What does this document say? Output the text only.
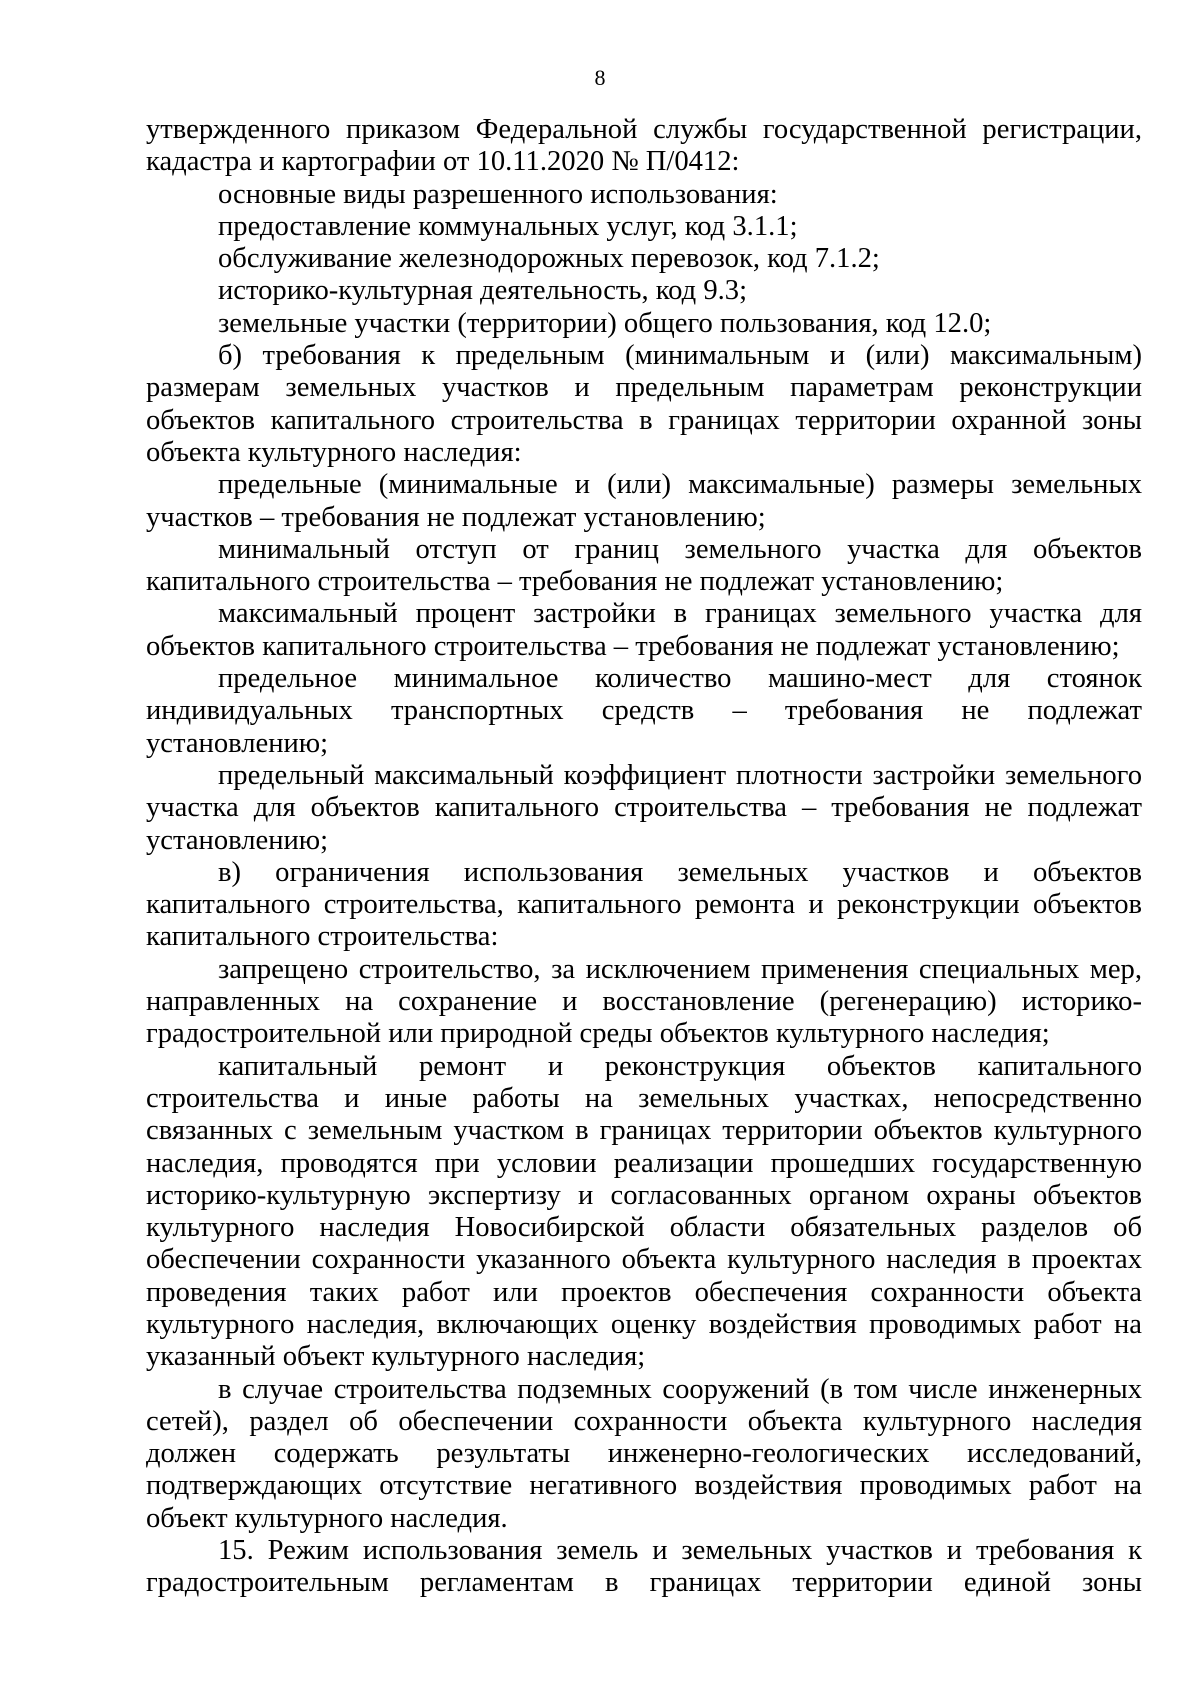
8

утвержденного приказом Федеральной службы государственной регистрации, кадастра и картографии от 10.11.2020 № П/0412:

основные виды разрешенного использования:

предоставление коммунальных услуг, код 3.1.1;

обслуживание железнодорожных перевозок, код 7.1.2;

историко-культурная деятельность, код 9.3;

земельные участки (территории) общего пользования, код 12.0;

б) требования к предельным (минимальным и (или) максимальным) размерам земельных участков и предельным параметрам реконструкции объектов капитального строительства в границах территории охранной зоны объекта культурного наследия:

предельные (минимальные и (или) максимальные) размеры земельных участков – требования не подлежат установлению;

минимальный отступ от границ земельного участка для объектов капитального строительства – требования не подлежат установлению;

максимальный процент застройки в границах земельного участка для объектов капитального строительства – требования не подлежат установлению;

предельное минимальное количество машино-мест для стоянок индивидуальных транспортных средств – требования не подлежат установлению;

предельный максимальный коэффициент плотности застройки земельного участка для объектов капитального строительства – требования не подлежат установлению;

в) ограничения использования земельных участков и объектов капитального строительства, капитального ремонта и реконструкции объектов капитального строительства:

запрещено строительство, за исключением применения специальных мер, направленных на сохранение и восстановление (регенерацию) историко-градостроительной или природной среды объектов культурного наследия;

капитальный ремонт и реконструкция объектов капитального строительства и иные работы на земельных участках, непосредственно связанных с земельным участком в границах территории объектов культурного наследия, проводятся при условии реализации прошедших государственную историко-культурную экспертизу и согласованных органом охраны объектов культурного наследия Новосибирской области обязательных разделов об обеспечении сохранности указанного объекта культурного наследия в проектах проведения таких работ или проектов обеспечения сохранности объекта культурного наследия, включающих оценку воздействия проводимых работ на указанный объект культурного наследия;

в случае строительства подземных сооружений (в том числе инженерных сетей), раздел об обеспечении сохранности объекта культурного наследия должен содержать результаты инженерно-геологических исследований, подтверждающих отсутствие негативного воздействия проводимых работ на объект культурного наследия.

15. Режим использования земель и земельных участков и требования к градостроительным регламентам в границах территории единой зоны
